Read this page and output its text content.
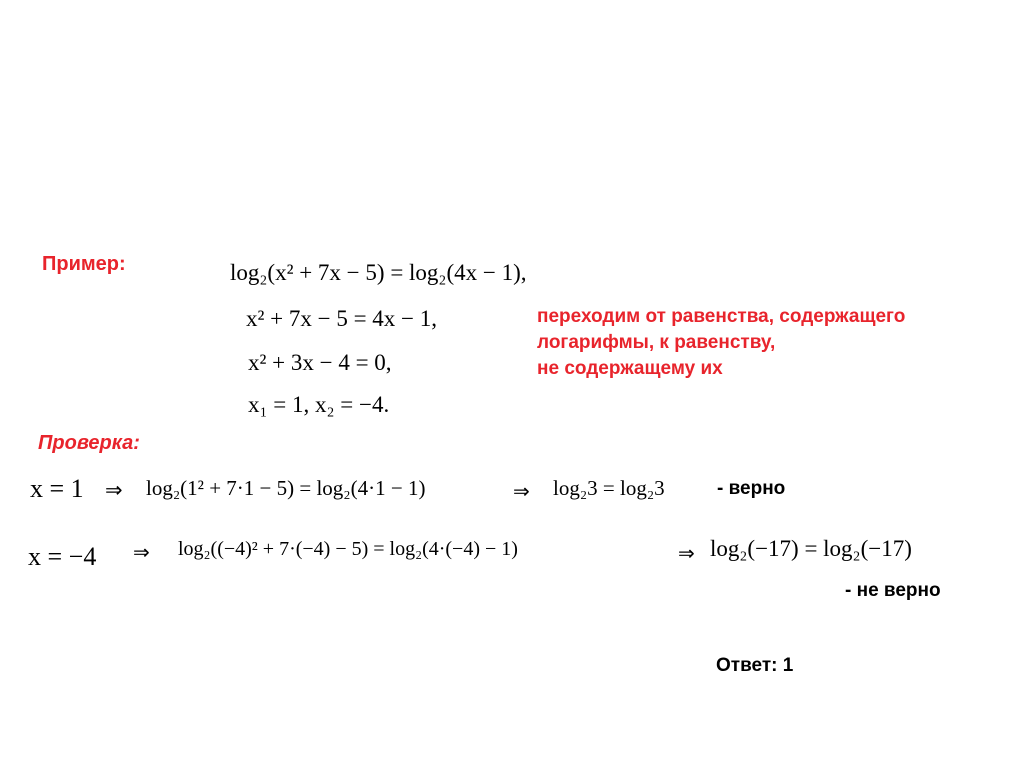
Пример:	log₂(x² + 7x − 5) = log₂(4x − 1),
x² + 7x − 5 = 4x − 1,
x² + 3x − 4 = 0,
x₁ = 1, x₂ = −4.
переходим от равенства, содержащего
логарифмы, к равенству,
не содержащему их
Проверка:
x = 1 ⇒ log₂(1² + 7·1 − 5) = log₂(4·1 − 1)	⇒ log₂3 = log₂3	- верно
x = −4 ⇒ log₂((−4)² + 7·(−4) − 5) = log₂(4·(−4) − 1)	⇒ log₂(−17) = log₂(−17)
- не верно
Ответ: 1
